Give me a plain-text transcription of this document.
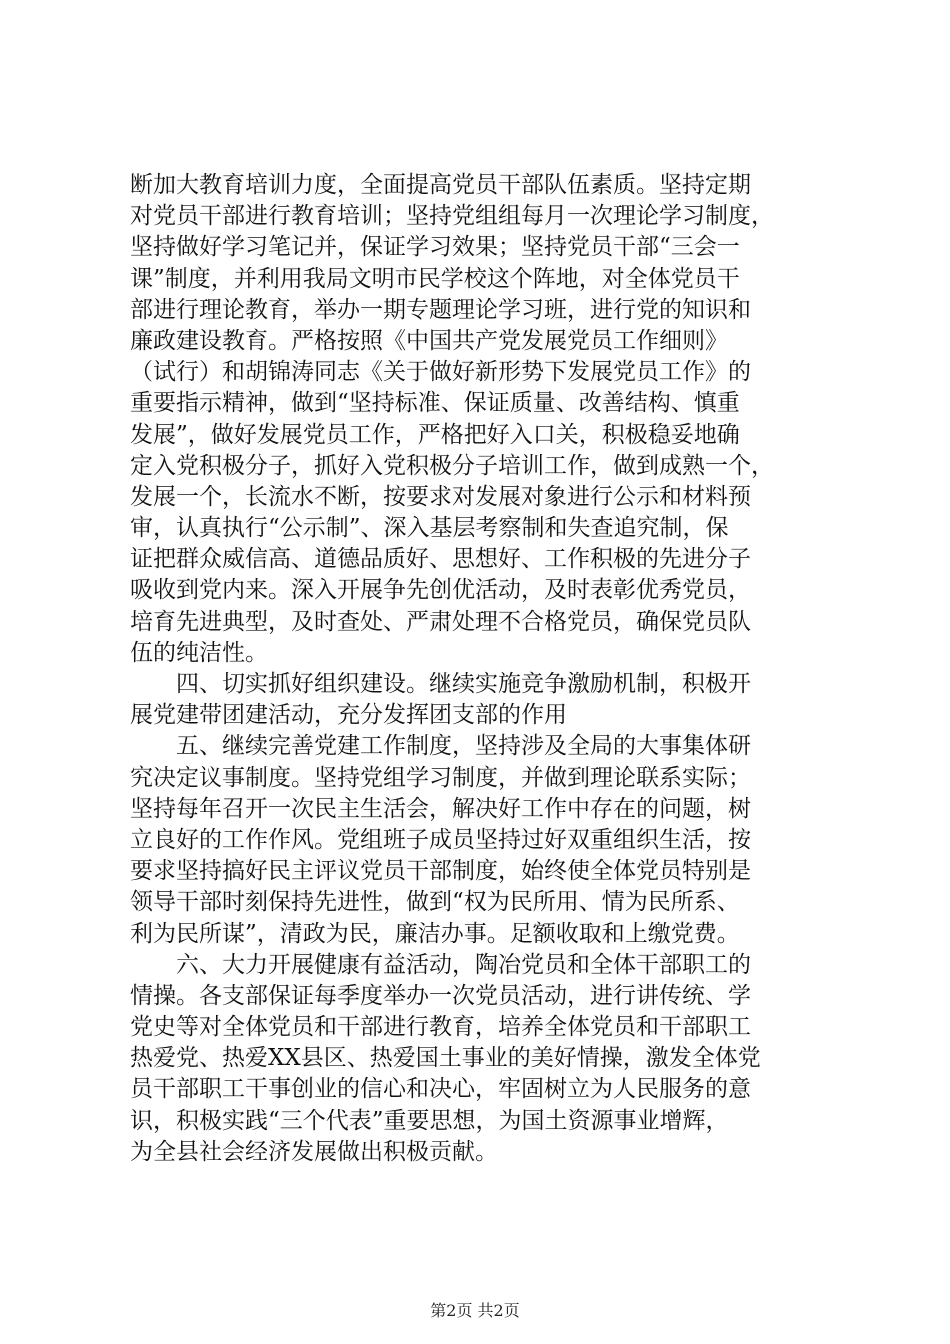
断加大教育培训力度，全面提高党员干部队伍素质。坚持定期
对党员干部进行教育培训；坚持党组组每月一次理论学习制度，
坚持做好学习笔记并，保证学习效果；坚持党员干部“三会一
课”制度，并利用我局文明市民学校这个阵地，对全体党员干
部进行理论教育，举办一期专题理论学习班，进行党的知识和
廉政建设教育。严格按照《中国共产党发展党员工作细则》
（试行）和胡锦涛同志《关于做好新形势下发展党员工作》的
重要指示精神，做到“坚持标准、保证质量、改善结构、慎重
发展”，做好发展党员工作，严格把好入口关，积极稳妥地确
定入党积极分子，抓好入党积极分子培训工作，做到成熟一个，
发展一个，长流水不断，按要求对发展对象进行公示和材料预
审，认真执行“公示制”、深入基层考察制和失查追究制，保
证把群众威信高、道德品质好、思想好、工作积极的先进分子
吸收到党内来。深入开展争先创优活动，及时表彰优秀党员，
培育先进典型，及时查处、严肃处理不合格党员，确保党员队
伍的纯洁性。
　　四、切实抓好组织建设。继续实施竞争激励机制，积极开
展党建带团建活动，充分发挥团支部的作用
　　五、继续完善党建工作制度，坚持涉及全局的大事集体研
究决定议事制度。坚持党组学习制度，并做到理论联系实际；
坚持每年召开一次民主生活会，解决好工作中存在的问题，树
立良好的工作作风。党组班子成员坚持过好双重组织生活，按
要求坚持搞好民主评议党员干部制度，始终使全体党员特别是
领导干部时刻保持先进性，做到“权为民所用、情为民所系、
利为民所谋”，清政为民，廉洁办事。足额收取和上缴党费。
　　六、大力开展健康有益活动，陶冶党员和全体干部职工的
情操。各支部保证每季度举办一次党员活动，进行讲传统、学
党史等对全体党员和干部进行教育，培养全体党员和干部职工
热爱党、热爱XX县区、热爱国土事业的美好情操，激发全体党
员干部职工干事创业的信心和决心，牢固树立为人民服务的意
识，积极实践“三个代表”重要思想，为国土资源事业增辉，
为全县社会经济发展做出积极贡献。
第2页 共2页
